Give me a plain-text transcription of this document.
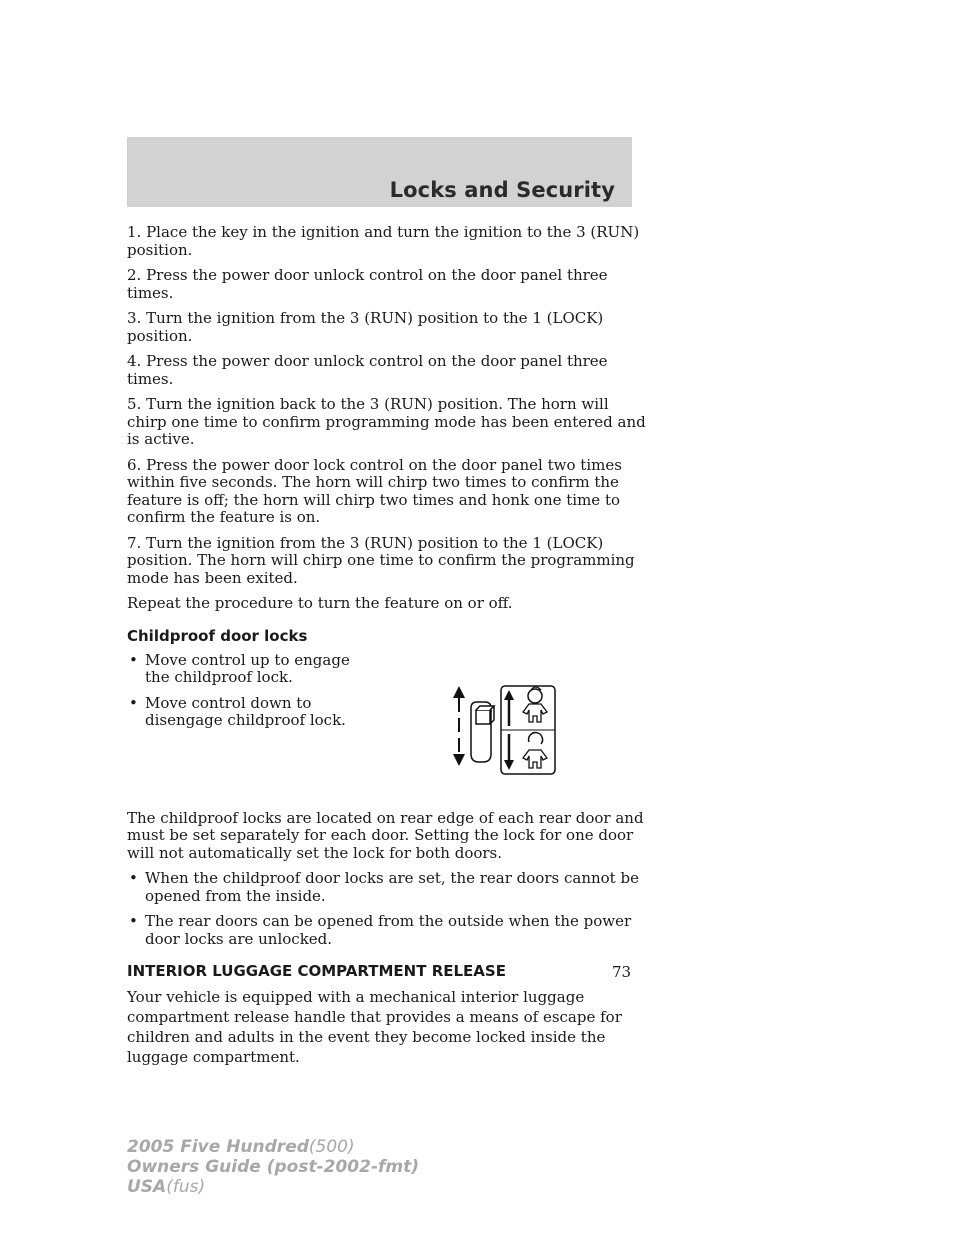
Locks and Security

1. Place the key in the ignition and turn the ignition to the 3 (RUN) position.

2. Press the power door unlock control on the door panel three times.

3. Turn the ignition from the 3 (RUN) position to the 1 (LOCK) position.

4. Press the power door unlock control on the door panel three times.

5. Turn the ignition back to the 3 (RUN) position. The horn will chirp one time to confirm programming mode has been entered and is active.

6. Press the power door lock control on the door panel two times within five seconds. The horn will chirp two times to confirm the feature is off; the horn will chirp two times and honk one time to confirm the feature is on.

7. Turn the ignition from the 3 (RUN) position to the 1 (LOCK) position. The horn will chirp one time to confirm the programming mode has been exited.

Repeat the procedure to turn the feature on or off.

Childproof door locks
• Move control up to engage the childproof lock.
• Move control down to disengage childproof lock.

The childproof locks are located on rear edge of each rear door and must be set separately for each door. Setting the lock for one door will not automatically set the lock for both doors.

• When the childproof door locks are set, the rear doors cannot be opened from the inside.
• The rear doors can be opened from the outside when the power door locks are unlocked.
INTERIOR LUGGAGE COMPARTMENT RELEASE

Your vehicle is equipped with a mechanical interior luggage compartment release handle that provides a means of escape for children and adults in the event they become locked inside the luggage compartment.

73
2005 Five Hundred(500)
Owners Guide (post-2002-fmt)
USA(fus)
